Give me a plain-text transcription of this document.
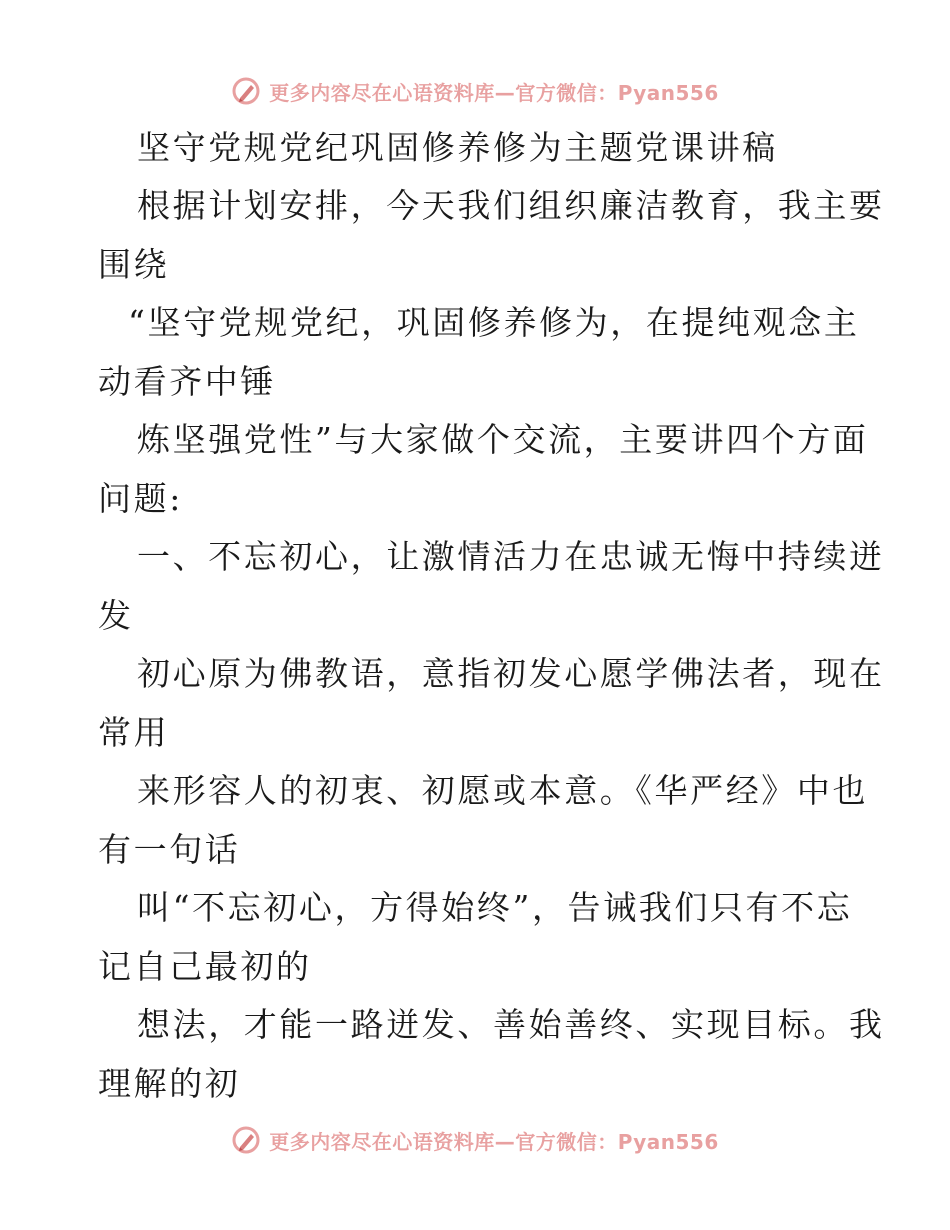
更多内容尽在心语资料库—官方微信：Pyan556
坚守党规党纪巩固修养修为主题党课讲稿
根据计划安排，今天我们组织廉洁教育，我主要
围绕
“坚守党规党纪，巩固修养修为，在提纯观念主
动看齐中锤
炼坚强党性”与大家做个交流，主要讲四个方面
问题:
一、不忘初心，让激情活力在忠诚无悔中持续迸
发
初心原为佛教语，意指初发心愿学佛法者，现在
常用
来形容人的初衷、初愿或本意。《华严经》中也
有一句话
叫“不忘初心，方得始终”，告诫我们只有不忘
记自己最初的
想法，才能一路迸发、善始善终、实现目标。我
理解的初
更多内容尽在心语资料库—官方微信：Pyan556
